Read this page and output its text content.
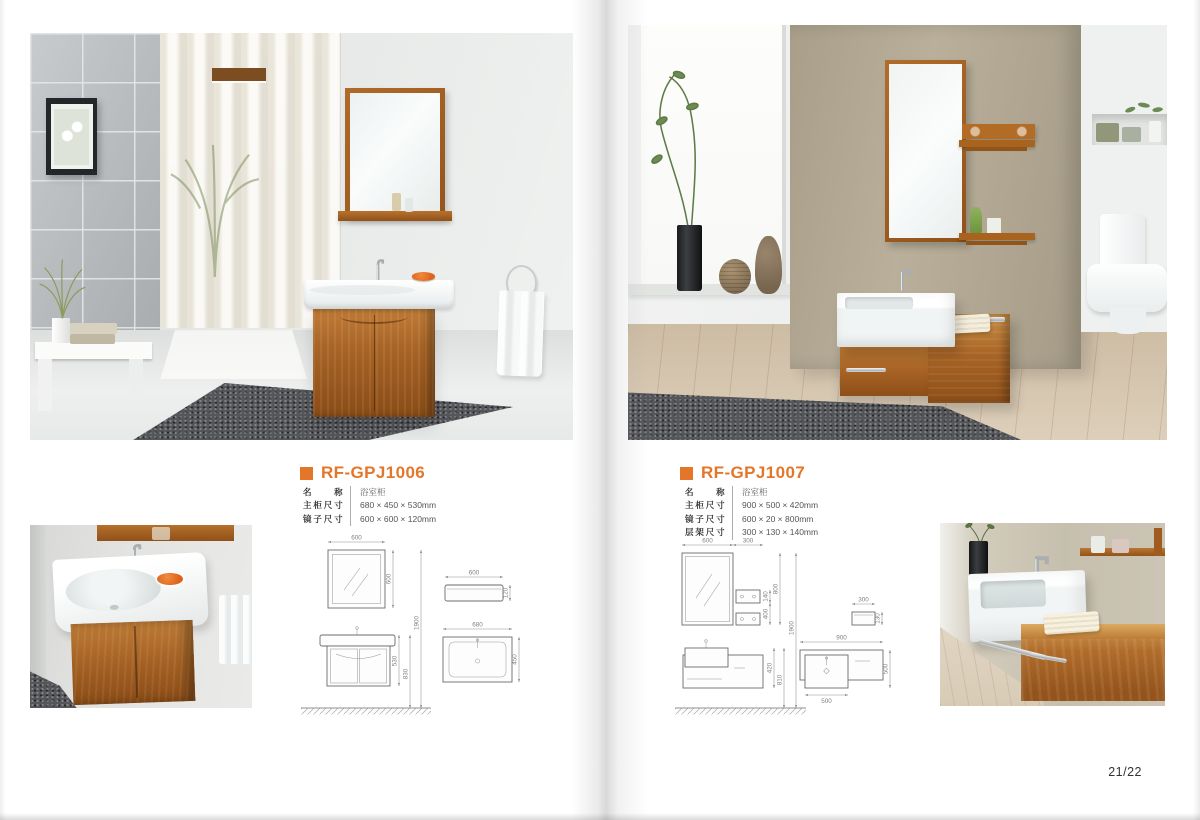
RF-GPJ1006
名　称	浴室柜
主柜尺寸	680 × 450 × 530mm
镜子尺寸	600 × 600 × 120mm
600
600
530
830
1900
600
120
680
450
RF-GPJ1007
名　称	浴室柜
主柜尺寸	900 × 500 × 420mm
镜子尺寸	600 × 20 × 800mm
层架尺寸	300 × 130 × 140mm
600	300
140
400
800
420
810
1900
300
130
900
500
500
21/22
